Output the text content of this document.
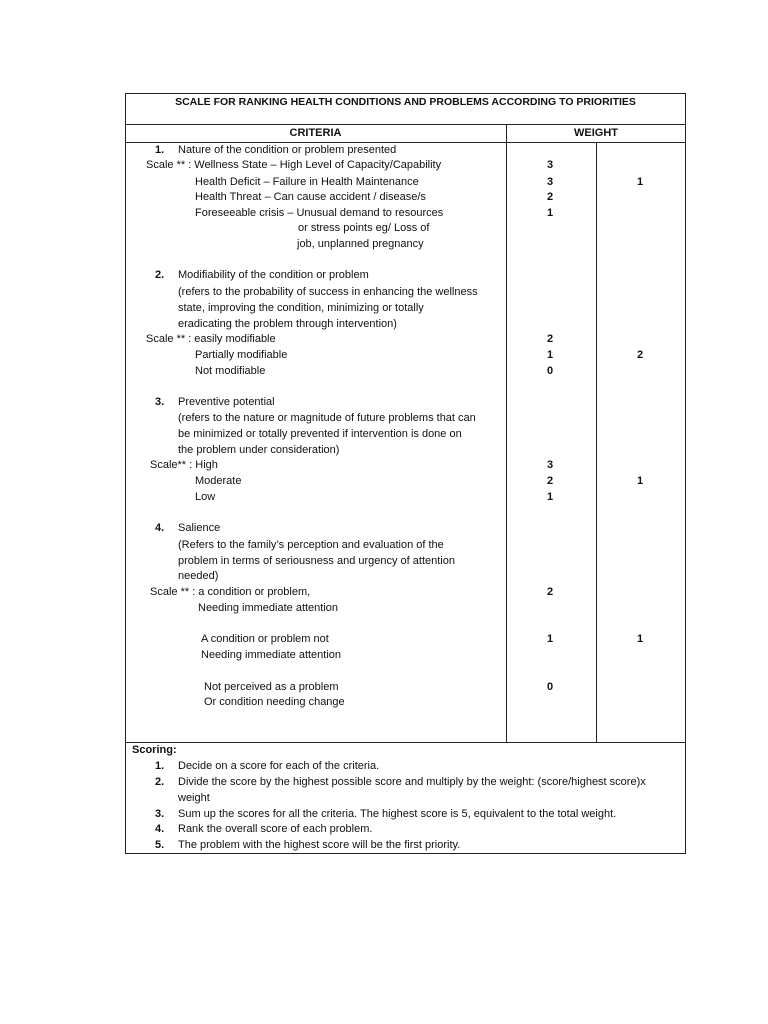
SCALE FOR RANKING HEALTH CONDITIONS AND PROBLEMS ACCORDING TO PRIORITIES
CRITERIA	WEIGHT
1. Nature of the condition or problem presented
Scale ** : Wellness State – High Level of Capacity/Capability
Health Deficit – Failure in Health Maintenance
Health Threat – Can cause accident / disease/s
Foreseeable crisis – Unusual demand to resources
or stress points eg/ Loss of
job, unplanned pregnancy
3
3
2
1
1
2. Modifiability of the condition or problem
(refers to the probability of success in enhancing the wellness
state, improving the condition, minimizing or totally
eradicating the problem through intervention)
Scale ** : easily modifiable
Partially modifiable
Not modifiable
2
1
0
2
3. Preventive potential
(refers to the nature or magnitude of future problems that can
be minimized or totally prevented if intervention is done on
the problem under consideration)
Scale** : High
Moderate
Low
3
2
1
1
4. Salience
(Refers to the family’s perception and evaluation of the
problem in terms of seriousness and urgency of attention
needed)
Scale ** : a condition or problem,
Needing immediate attention
A condition or problem not
Needing immediate attention
Not perceived as a problem
Or condition needing change
2
1
0
1
Scoring:
1. Decide on a score for each of the criteria.
2. Divide the score by the highest possible score and multiply by the weight: (score/highest score)x
weight
3. Sum up the scores for all the criteria. The highest score is 5, equivalent to the total weight.
4. Rank the overall score of each problem.
5. The problem with the highest score will be the first priority.
